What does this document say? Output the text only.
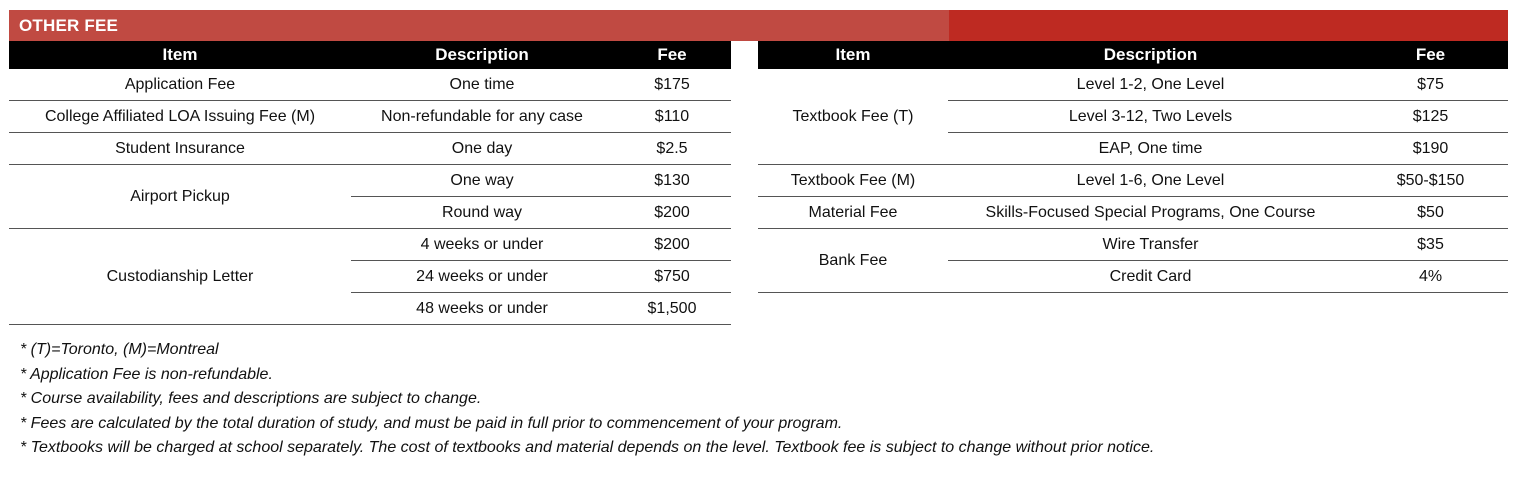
OTHER FEE
Item	Description	Fee
Application Fee	One time	$175
College Affiliated LOA Issuing Fee (M)	Non-refundable for any case	$110
Student Insurance	One day	$2.5
Airport Pickup	One way	$130
	Round way	$200
Custodianship Letter	4 weeks or under	$200
	24 weeks or under	$750
	48 weeks or under	$1,500
Item	Description	Fee
Textbook Fee (T)	Level 1-2, One Level	$75
	Level 3-12, Two Levels	$125
	EAP, One time	$190
Textbook Fee (M)	Level 1-6, One Level	$50-$150
Material Fee	Skills-Focused Special Programs, One Course	$50
Bank Fee	Wire Transfer	$35
	Credit Card	4%
* (T)=Toronto, (M)=Montreal
* Application Fee is non-refundable.
* Course availability, fees and descriptions are subject to change.
* Fees are calculated by the total duration of study, and must be paid in full prior to commencement of your program.
* Textbooks will be charged at school separately. The cost of textbooks and material depends on the level. Textbook fee is subject to change without prior notice.
